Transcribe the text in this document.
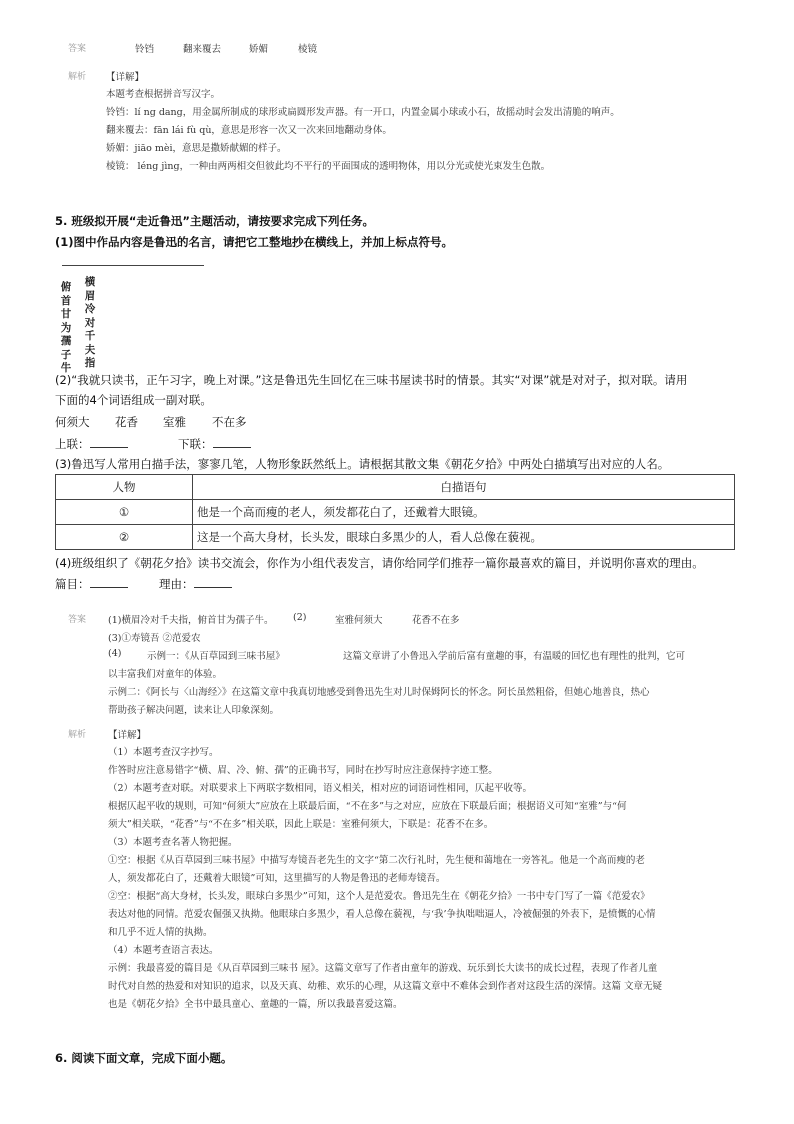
答案	铃铛	翻来覆去	娇媚	棱镜
解析 【详解】
本题考查根据拼音写汉字。
铃铛：lí ng dang，用金属所制成的球形或扁圆形发声器。有一开口，内置金属小球或小石，故摇动时会发出清脆的响声。
翻来覆去：fān lái fù qù，意思是形容一次又一次来回地翻动身体。
娇媚：jiāo mèi，意思是撒娇献媚的样子。
棱镜： léng jìng，一种由两两相交但彼此均不平行的平面围成的透明物体，用以分光或使光束发生色散。
5. 班级拟开展“走近鲁迅”主题活动，请按要求完成下列任务。
(1)图中作品内容是鲁迅的名言，请把它工整地抄在横线上，并加上标点符号。
横眉冷对千夫指
俯首甘为孺子牛
(2)“我就只读书，正午习字，晚上对课。”这是鲁迅先生回忆在三味书屋读书时的情景。其实“对课”就是对对子，拟对联。请用
下面的4个词语组成一副对联。
何须大 花香 室雅 不在多
上联：	下联：
(3)鲁迅写人常用白描手法，寥寥几笔，人物形象跃然纸上。请根据其散文集《朝花夕拾》中两处白描填写出对应的人名。
人物	白描语句
①	他是一个高而瘦的老人，须发都花白了，还戴着大眼镜。
②	这是一个高大身材，长头发，眼球白多黑少的人，看人总像在藐视。
(4)班级组织了《朝花夕拾》读书交流会，你作为小组代表发言，请你给同学们推荐一篇你最喜欢的篇目，并说明你喜欢的理由。
篇目：	理由：
答案 (1)横眉冷对千夫指，俯首甘为孺子牛。 (2)	室雅何须大	花香不在多
(3)①寿镜吾 ②范爱农
(4)	示例一：《从百草园到三味书屋》	这篇文章讲了小鲁迅入学前后富有童趣的事，有温暖的回忆也有理性的批判，它可
以丰富我们对童年的体验。
示例二：《阿长与〈山海经〉》在这篇文章中我真切地感受到鲁迅先生对儿时保姆阿长的怀念。阿长虽然粗俗，但她心地善良，热心
帮助孩子解决问题，读来让人印象深刻。
解析 【详解】
（1）本题考查汉字抄写。
作答时应注意易错字“横、眉、冷、俯、孺”的正确书写，同时在抄写时应注意保持字迹工整。
（2）本题考查对联。对联要求上下两联字数相同，语义相关，相对应的词语词性相同，仄起平收等。
根据仄起平收的规则，可知“何须大”应放在上联最后面，“不在多”与之对应，应放在下联最后面；根据语义可知“室雅”与“何
须大”相关联，“花香”与“不在多”相关联，因此上联是：室雅何须大，下联是：花香不在多。
（3）本题考查名著人物把握。
①空：根据《从百草园到三味书屋》中描写寿镜吾老先生的文字“第二次行礼时，先生便和蔼地在一旁答礼。他是一个高而瘦的老
人，须发都花白了，还戴着大眼镜”可知，这里描写的人物是鲁迅的老师寿镜吾。
②空：根据“高大身材，长头发，眼球白多黑少”可知，这个人是范爱农。鲁迅先生在《朝花夕拾》一书中专门写了一篇《范爱农》
表达对他的同情。范爱农倔强又执拗。他眼球白多黑少，看人总像在藐视，与‘我’争执咄咄逼人，冷被倔强的外表下，是愤慨的心情
和几乎不近人情的执拗。
（4）本题考查语言表达。
示例：我最喜爱的篇目是《从百草园到三味书 屋》。这篇文章写了作者由童年的游戏、玩乐到长大读书的成长过程，表现了作者儿童
时代对自然的热爱和对知识的追求，以及天真、幼稚、欢乐的心理，从这篇文章中不难体会到作者对这段生活的深情。这篇 文章无疑
也是《朝花夕拾》全书中最具童心、童趣的一篇，所以我最喜爱这篇。
6. 阅读下面文章，完成下面小题。
